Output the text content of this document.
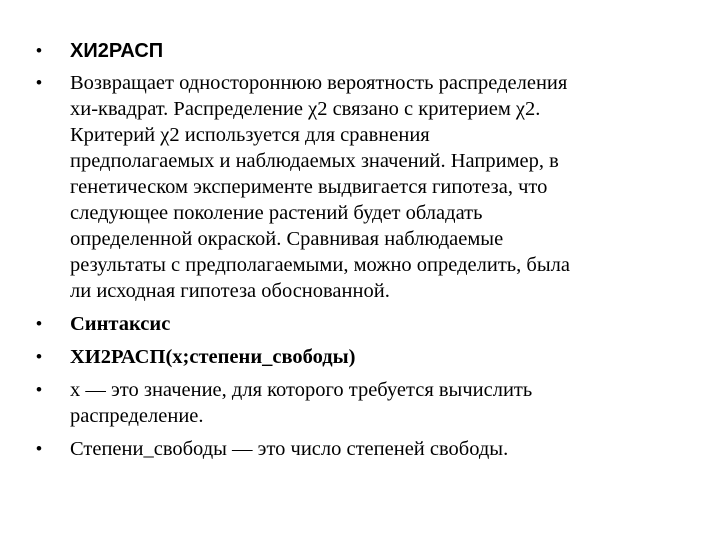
• ХИ2РАСП
• Возвращает одностороннюю вероятность распределения
хи-квадрат. Распределение χ2 связано с критерием χ2.
Критерий χ2 используется для сравнения
предполагаемых и наблюдаемых значений. Например, в
генетическом эксперименте выдвигается гипотеза, что
следующее поколение растений будет обладать
определенной окраской. Сравнивая наблюдаемые
результаты с предполагаемыми, можно определить, была
ли исходная гипотеза обоснованной.
• Синтаксис
• ХИ2РАСП(x;степени_свободы)
• x — это значение, для которого требуется вычислить
распределение.
• Степени_свободы — это число степеней свободы.
